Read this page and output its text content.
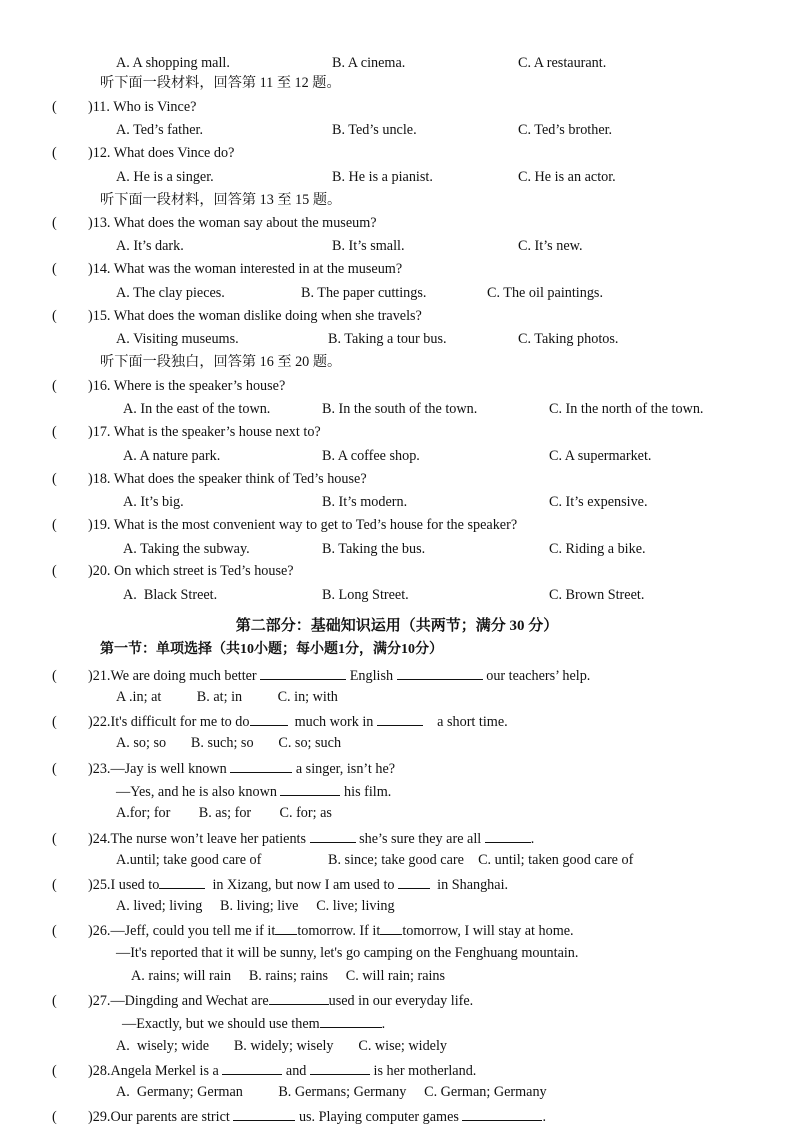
A. A shopping mall.	B. A cinema.	C. A restaurant.
听下面一段材料，回答第 11 至 12 题。
( )11. Who is Vince?
A. Ted’s father.	B. Ted’s uncle.	C. Ted’s brother.
( )12. What does Vince do?
A. He is a singer.	B. He is a pianist.	C. He is an actor.
( )13. What does the woman say about the museum?
A. It’s dark.	B. It’s small.	C. It’s new.
( )14. What was the woman interested in at the museum?
A. The clay pieces.	B. The paper cuttings.	C. The oil paintings.
( )15. What does the woman dislike doing when she travels?
A. Visiting museums.	B. Taking a tour bus.	C. Taking photos.
( )16. Where is the speaker’s house?
A. In the east of the town.	B. In the south of the town.	C. In the north of the town.
( )17. What is the speaker’s house next to?
A. A nature park.	B. A coffee shop.	C. A supermarket.
( )18. What does the speaker think of Ted’s house?
A. It’s big.	B. It’s modern.	C. It’s expensive.
( )19. What is the most convenient way to get to Ted’s house for the speaker?
A. Taking the subway.	B. Taking the bus.	C. Riding a bike.
( )20. On which street is Ted’s house?
A.  Black Street.	B. Long Street.	C. Brown Street.
听下面一段材料，回答第 13 至 15 题。
听下面一段独白，回答第 16 至 20 题。
第二部分：基础知识运用（共两节；满分 30 分）
第一节：单项选择（共10小题；每小题1分，满分10分）
( )21.We are doing much better	English	our teachers’ help.
A .in; at          B. at; in          C. in; with
( )22.It's difficult for me to do	much work in	a short time.
A. so; so       B. such; so       C. so; such
( )23.—Jay is well known	a singer, isn’t he?
—Yes, and he is also known	his film.
A.for; for        B. as; for        C. for; as
( )24.The nurse won’t leave her patients	she’s sure they are all	.
A.until; take good care of	B. since; take good care    C. until; taken good care of
( )25.I used to	in Xizang, but now I am used to	in Shanghai.
A. lived; living     B. living; live     C. live; living
( )26.—Jeff, could you tell me if it tomorrow. If it tomorrow, I will stay at home.
—It's reported that it will be sunny, let's go camping on the Fenghuang mountain.
A. rains; will rain     B. rains; rains     C. will rain; rains
( )27.—Dingding and Wechat are	used in our everyday life.
—Exactly, but we should use them	.
A.  wisely; wide       B. widely; wisely       C. wise; widely
( )28.Angela Merkel is a	and	is her motherland.
A.  Germany; German          B. Germans; Germany     C. German; Germany
( )29.Our parents are strict	us. Playing computer games	.
